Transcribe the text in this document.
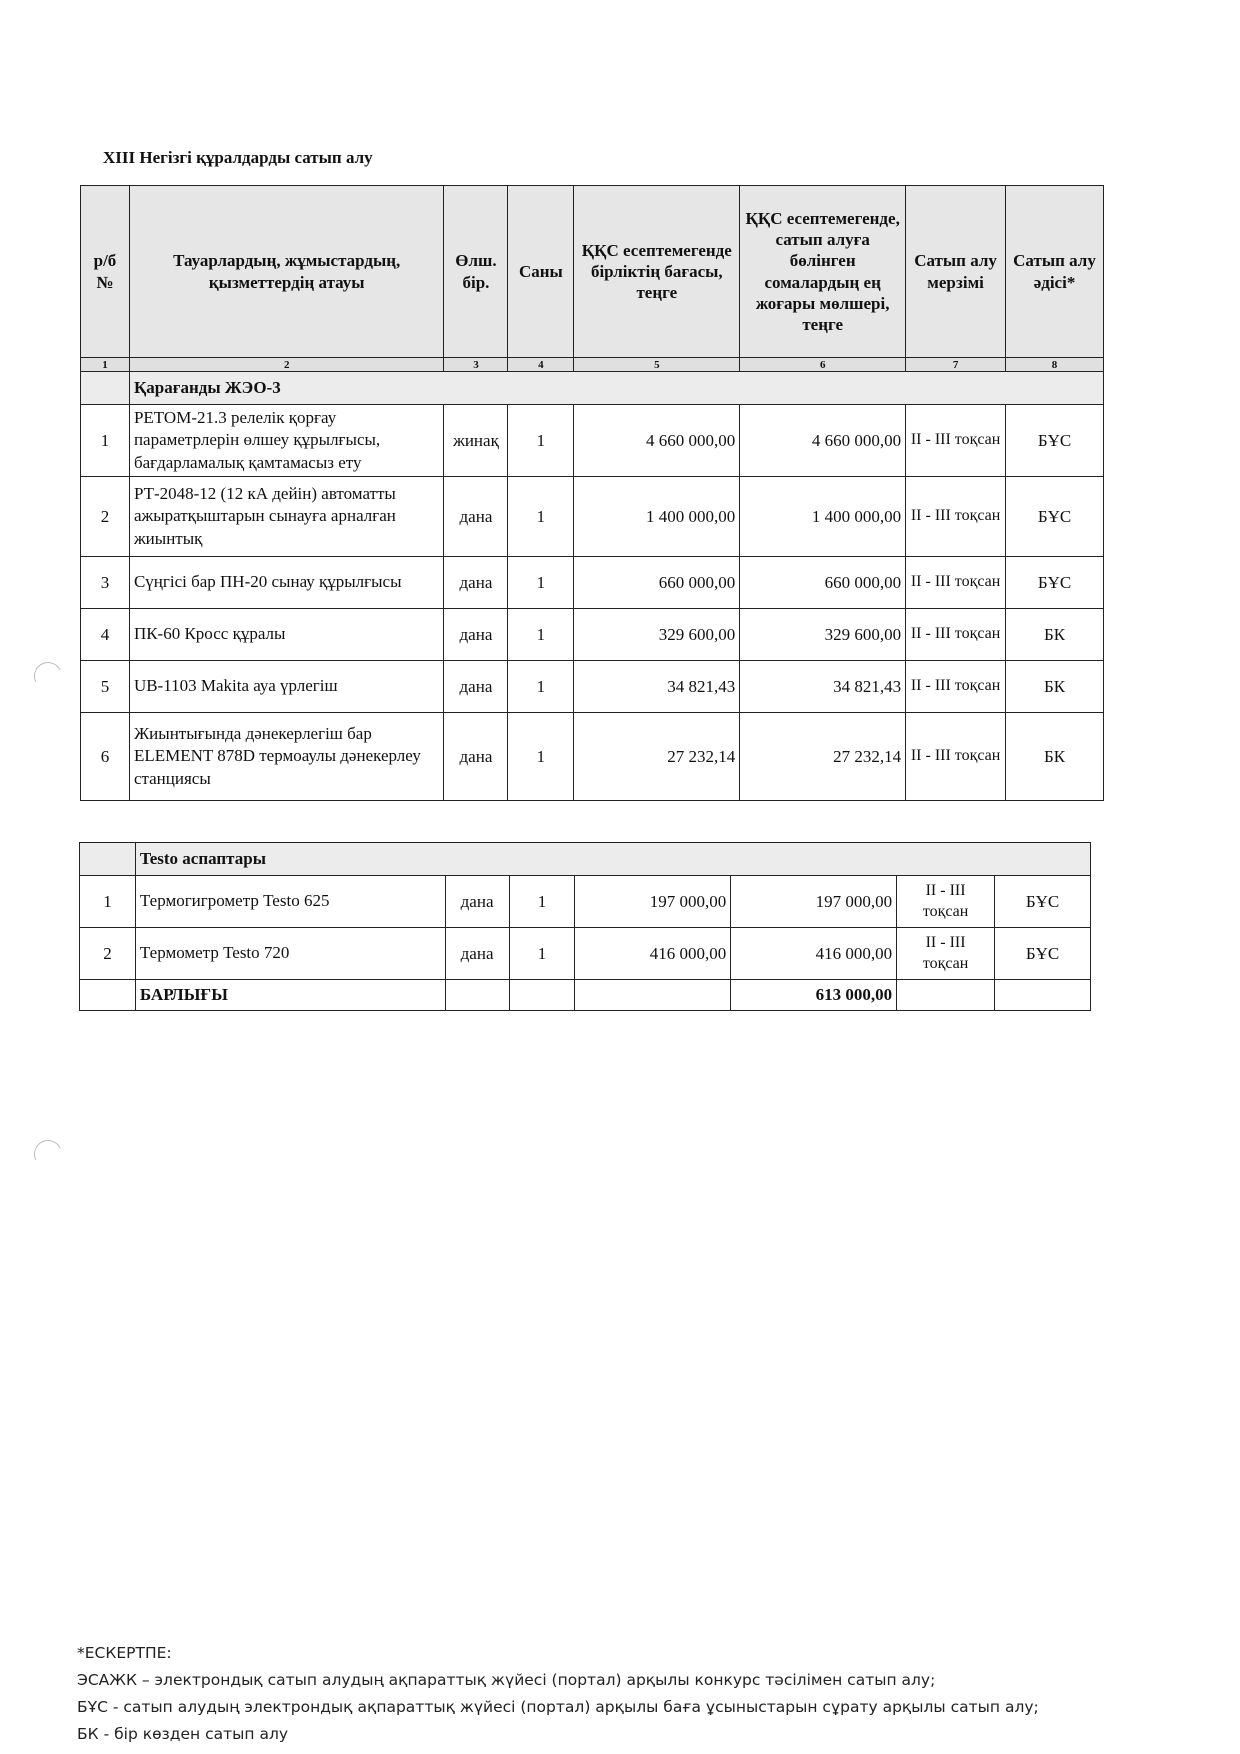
XIII Негізгі құралдарды сатып алу
р/б №	Тауарлардың, жұмыстардың, қызметтердің атауы	Өлш. бір.	Саны	ҚҚС есептемегенде бірліктің бағасы, теңге	ҚҚС есептемегенде, сатып алуға бөлінген сомалардың ең жоғары мөлшері, теңге	Сатып алу мерзімі	Сатып алу әдісі*
1	2	3	4	5	6	7	8
	Қарағанды ЖЭО-3						
1	РЕТОМ-21.3 релелік қорғау параметрлерін өлшеу құрылғысы, бағдарламалық қамтамасыз ету	жинақ	1	4 660 000,00	4 660 000,00	II - III тоқсан	БҰС
2	РТ-2048-12 (12 кА дейін) автоматты ажыратқыштарын сынауға арналған жиынтық	дана	1	1 400 000,00	1 400 000,00	II - III тоқсан	БҰС
3	Сүңгісі бар ПН-20 сынау құрылғысы	дана	1	660 000,00	660 000,00	II - III тоқсан	БҰС
4	ПК-60 Кросс құралы	дана	1	329 600,00	329 600,00	II - III тоқсан	БК
5	UB-1103 Makita ауа үрлегіш	дана	1	34 821,43	34 821,43	II - III тоқсан	БК
6	Жиынтығында дәнекерлегіш бар ELEMENT 878D термоаулы дәнекерлеу станциясы	дана	1	27 232,14	27 232,14	II - III тоқсан	БК
	Testo аспаптары						
1	Термогигрометр Testo 625	дана	1	197 000,00	197 000,00	II - III тоқсан	БҰС
2	Термометр Testo 720	дана	1	416 000,00	416 000,00	II - III тоқсан	БҰС
	БАРЛЫҒЫ				613 000,00		
*ЕСКЕРТПЕ:
ЭСАЖК – электрондық сатып алудың ақпараттық жүйесі (портал) арқылы конкурс тәсілімен сатып алу;
БҰС - сатып алудың электрондық ақпараттық жүйесі (портал) арқылы баға ұсыныстарын сұрату арқылы сатып алу;
БК - бір көзден сатып алу
